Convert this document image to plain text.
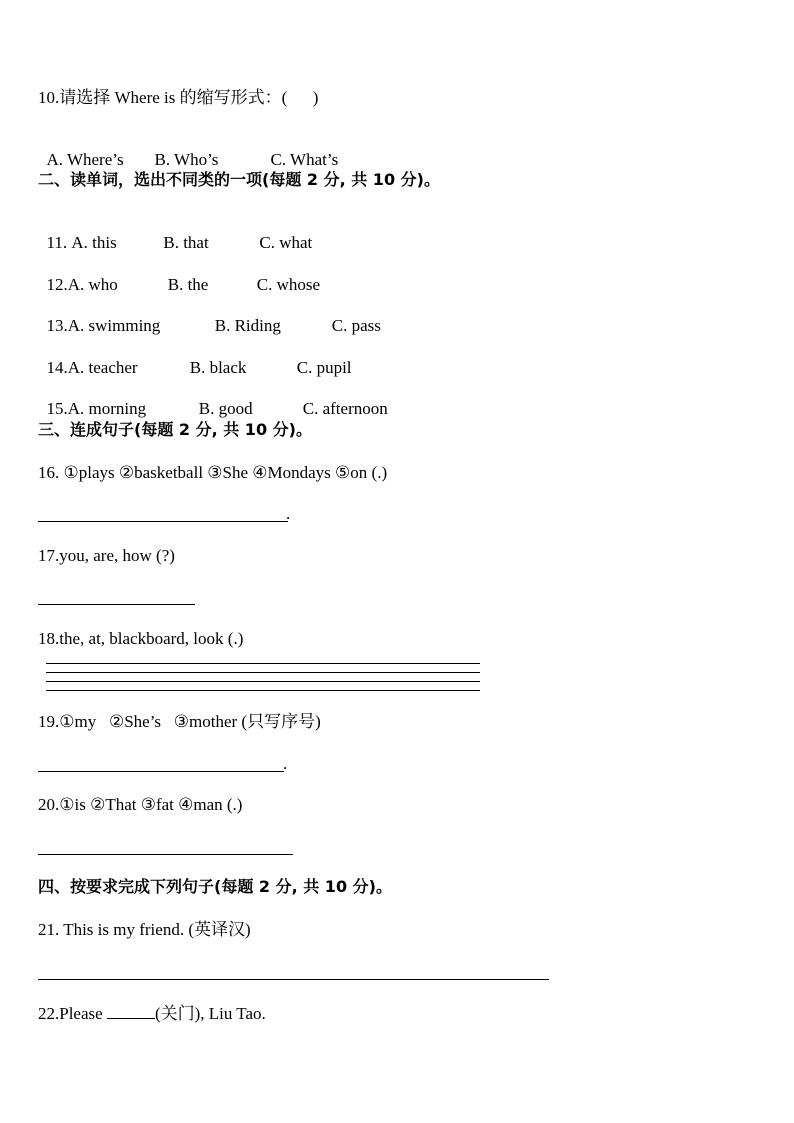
10.请选择 Where is 的缩写形式：(      )

A. Where’s B. Who’s	C. What’s

二、读单词，选出不同类的一项(每题 2 分, 共 10 分)。

11. A. this	B. that	C. what

12.A. who	B. the	C. whose

13.A. swimming	B. Riding	C. pass

14.A. teacher	B. black	C. pupil

15.A. morning	B. good	C. afternoon

三、连成句子(每题 2 分, 共 10 分)。
16. ①plays ②basketball ③She ④Mondays ⑤on (.)
.
17.you, are, how (?)
18.the, at, blackboard, look (.)
19.①my   ②She’s   ③mother (只写序号)
.
20.①is ②That ③fat ④man (.)
四、按要求完成下列句子(每题 2 分, 共 10 分)。
21. This is my friend. (英译汉)
22.Please	(关门), Liu Tao.
